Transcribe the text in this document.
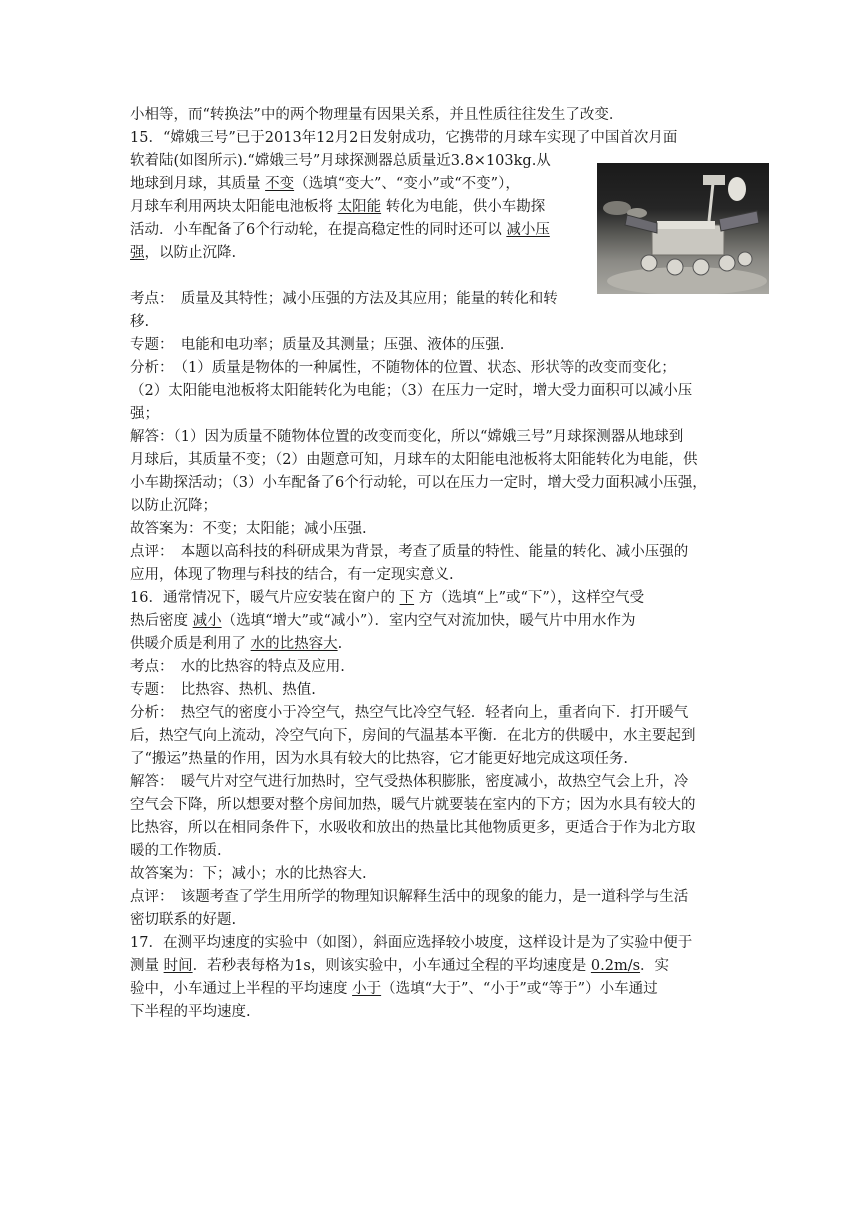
小相等，而“转换法”中的两个物理量有因果关系，并且性质往往发生了改变．
15．“嫦娥三号”已于2013年12月2日发射成功，它携带的月球车实现了中国首次月面
软着陆(如图所示).“嫦娥三号”月球探测器总质量近3.8×103kg.从
地球到月球，其质量 不变（选填“变大”、“变小”或“不变”），
月球车利用两块太阳能电池板将 太阳能 转化为电能，供小车勘探
活动．小车配备了6个行动轮，在提高稳定性的同时还可以 减小压
强，以防止沉降.
考点：　质量及其特性；减小压强的方法及其应用；能量的转化和转
移.
专题：　电能和电功率；质量及其测量；压强、液体的压强.
分析：　（1）质量是物体的一种属性，不随物体的位置、状态、形状等的改变而变化；
（2）太阳能电池板将太阳能转化为电能；（3）在压力一定时，增大受力面积可以减小压
强；
解答：（1）因为质量不随物体位置的改变而变化，所以“嫦娥三号”月球探测器从地球到
月球后，其质量不变；（2）由题意可知，月球车的太阳能电池板将太阳能转化为电能，供
小车勘探活动；（3）小车配备了6个行动轮，可以在压力一定时，增大受力面积减小压强，
以防止沉降；
故答案为：不变；太阳能；减小压强.
点评：　本题以高科技的科研成果为背景，考查了质量的特性、能量的转化、减小压强的
应用，体现了物理与科技的结合，有一定现实意义.
16．通常情况下，暖气片应安装在窗户的 下 方（选填“上”或“下”），这样空气受
热后密度 减小（选填“增大”或“减小”）．室内空气对流加快，暖气片中用水作为
供暖介质是利用了 水的比热容大.
考点：　水的比热容的特点及应用.
专题：　比热容、热机、热值.
分析：　热空气的密度小于冷空气，热空气比冷空气轻．轻者向上，重者向下．打开暖气
后，热空气向上流动，冷空气向下，房间的气温基本平衡．在北方的供暖中，水主要起到
了“搬运”热量的作用，因为水具有较大的比热容，它才能更好地完成这项任务.
解答：　暖气片对空气进行加热时，空气受热体积膨胀，密度减小，故热空气会上升，冷
空气会下降，所以想要对整个房间加热，暖气片就要装在室内的下方；因为水具有较大的
比热容，所以在相同条件下，水吸收和放出的热量比其他物质更多，更适合于作为北方取
暖的工作物质.
故答案为：下；减小；水的比热容大.
点评：　该题考查了学生用所学的物理知识解释生活中的现象的能力，是一道科学与生活
密切联系的好题.
17．在测平均速度的实验中（如图），斜面应选择较小坡度，这样设计是为了实验中便于
测量 时间．若秒表每格为1s，则该实验中，小车通过全程的平均速度是 0.2m/s．实
验中，小车通过上半程的平均速度 小于（选填“大于”、“小于”或“等于”）小车通过
下半程的平均速度.
